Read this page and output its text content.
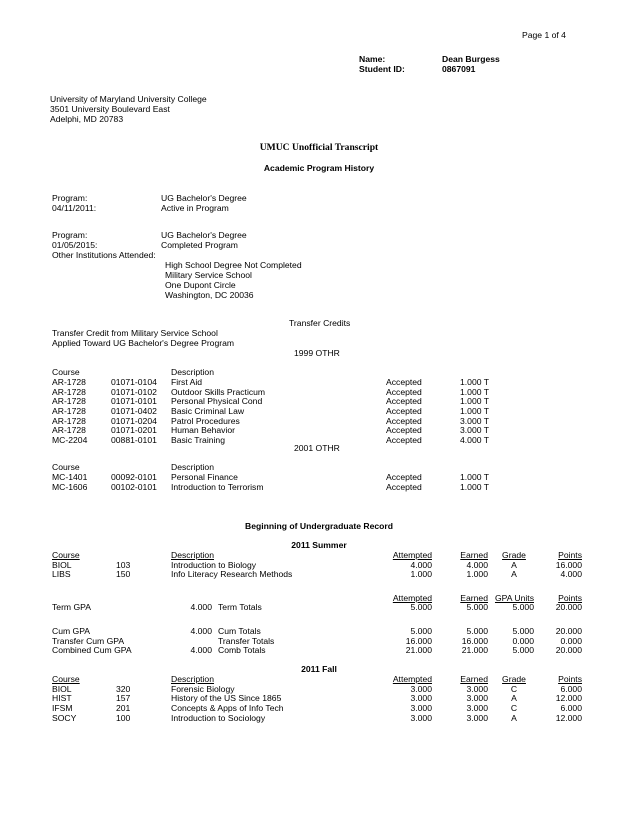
Page 1 of 4
Name:	Dean Burgess
Student ID:	0867091
University of Maryland University College
3501 University Boulevard East
Adelphi, MD 20783
UMUC Unofficial Transcript
Academic Program History
Program:	UG Bachelor's Degree
04/11/2011:	Active in Program
Program:	UG Bachelor's Degree
01/05/2015:	Completed Program
Other Institutions Attended:
High School Degree Not Completed
Military Service School
One Dupont Circle
Washington, DC 20036
Transfer Credits
Transfer Credit from Military Service School
Applied Toward UG Bachelor's Degree Program
1999 OTHR
Course	Description
AR-1728	01071-0104 First Aid	Accepted	1.000 T
AR-1728	01071-0102 Outdoor Skills Practicum	Accepted	1.000 T
AR-1728	01071-0101 Personal Physical Cond	Accepted	1.000 T
AR-1728	01071-0402 Basic Criminal Law	Accepted	1.000 T
AR-1728	01071-0204 Patrol Procedures	Accepted	3.000 T
AR-1728	01071-0201 Human Behavior	Accepted	3.000 T
MC-2204	00881-0101 Basic Training	Accepted	4.000 T
2001 OTHR
Course	Description
MC-1401	00092-0101 Personal Finance	Accepted	1.000 T
MC-1606	00102-0101 Introduction to Terrorism	Accepted	1.000 T
Beginning of Undergraduate Record
2011 Summer
Course	Description	Attempted	Earned Grade	Points
BIOL	103	Introduction to Biology	4.000	4.000	A	16.000
LIBS	150	Info Literacy Research Methods	1.000	1.000	A	4.000
Attempted	Earned GPA Units	Points
Term GPA	4.000 Term Totals	5.000	5.000	5.000	20.000
Cum GPA	4.000 Cum Totals	5.000	5.000	5.000	20.000
Transfer Cum GPA	Transfer Totals	16.000	16.000	0.000	0.000
Combined Cum GPA	4.000 Comb Totals	21.000	21.000	5.000	20.000
2011 Fall
Course	Description	Attempted	Earned Grade	Points
BIOL	320	Forensic Biology	3.000	3.000	C	6.000
HIST	157	History of the US Since 1865	3.000	3.000	A	12.000
IFSM	201	Concepts & Apps of Info Tech	3.000	3.000	C	6.000
SOCY	100	Introduction to Sociology	3.000	3.000	A	12.000
